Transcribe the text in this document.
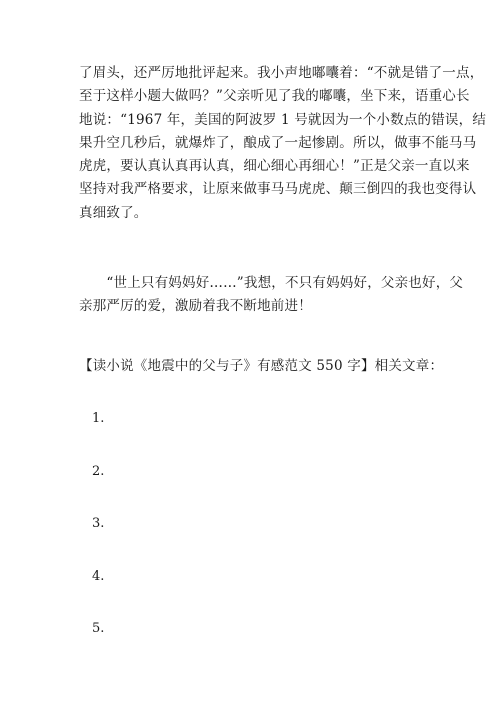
了眉头，还严厉地批评起来。我小声地嘟囔着：“不就是错了一点，
至于这样小题大做吗？”父亲听见了我的嘟囔，坐下来，语重心长
地说：“1967 年，美国的阿波罗 1 号就因为一个小数点的错误，结
果升空几秒后，就爆炸了，酿成了一起惨剧。所以，做事不能马马
虎虎，要认真认真再认真，细心细心再细心！”正是父亲一直以来
坚持对我严格要求，让原来做事马马虎虎、颠三倒四的我也变得认
真细致了。
　　“世上只有妈妈好……”我想，不只有妈妈好，父亲也好，父
亲那严厉的爱，激励着我不断地前进！
【读小说《地震中的父与子》有感范文 550 字】相关文章：
1.
2.
3.
4.
5.
